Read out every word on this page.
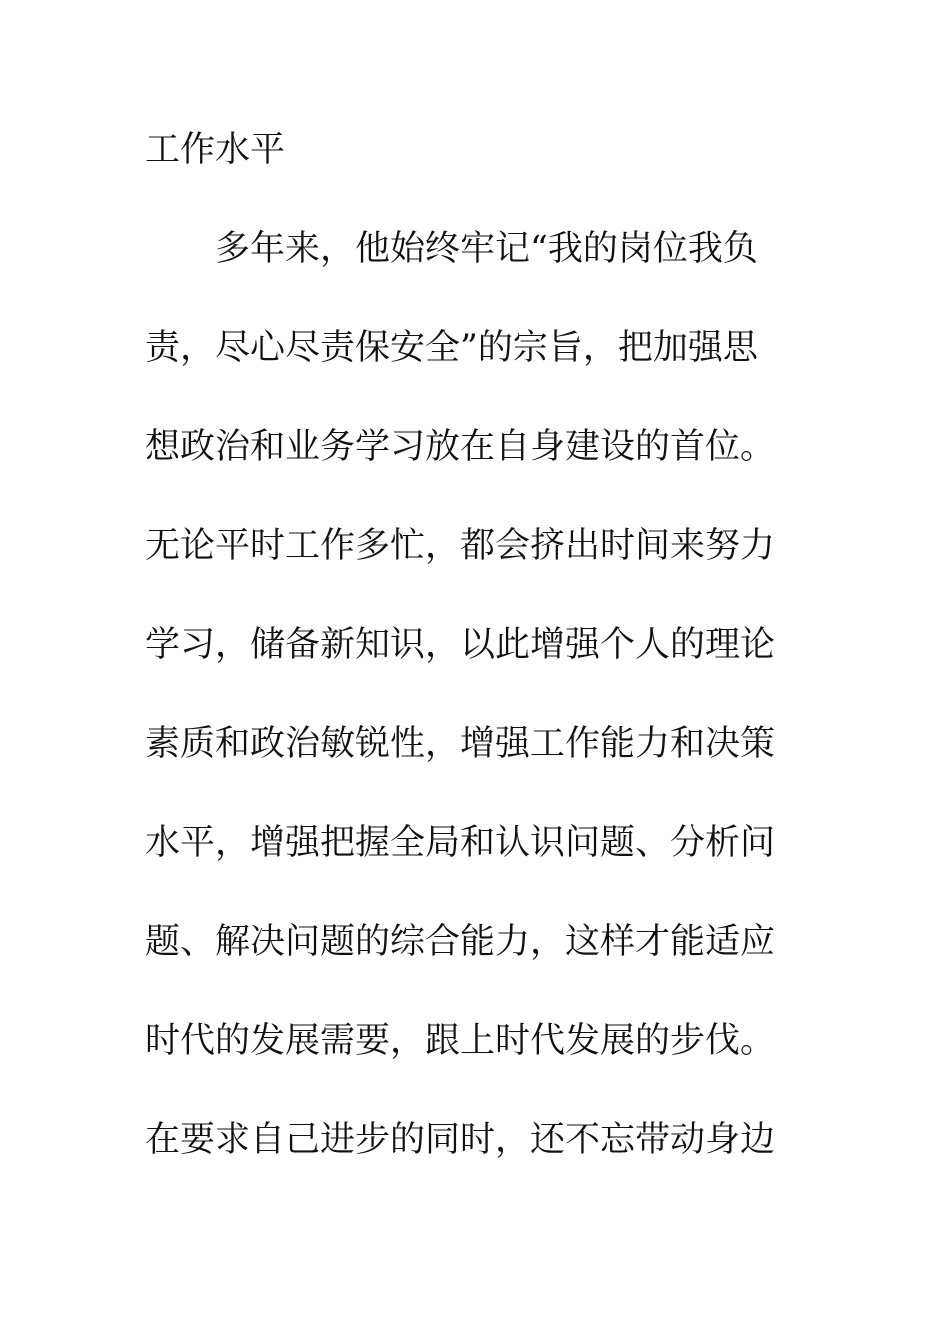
工作水平
多年来，他始终牢记“我的岗位我负
责，尽心尽责保安全”的宗旨，把加强思
想政治和业务学习放在自身建设的首位。
无论平时工作多忙，都会挤出时间来努力
学习，储备新知识，以此增强个人的理论
素质和政治敏锐性，增强工作能力和决策
水平，增强把握全局和认识问题、分析问
题、解决问题的综合能力，这样才能适应
时代的发展需要，跟上时代发展的步伐。
在要求自己进步的同时，还不忘带动身边
